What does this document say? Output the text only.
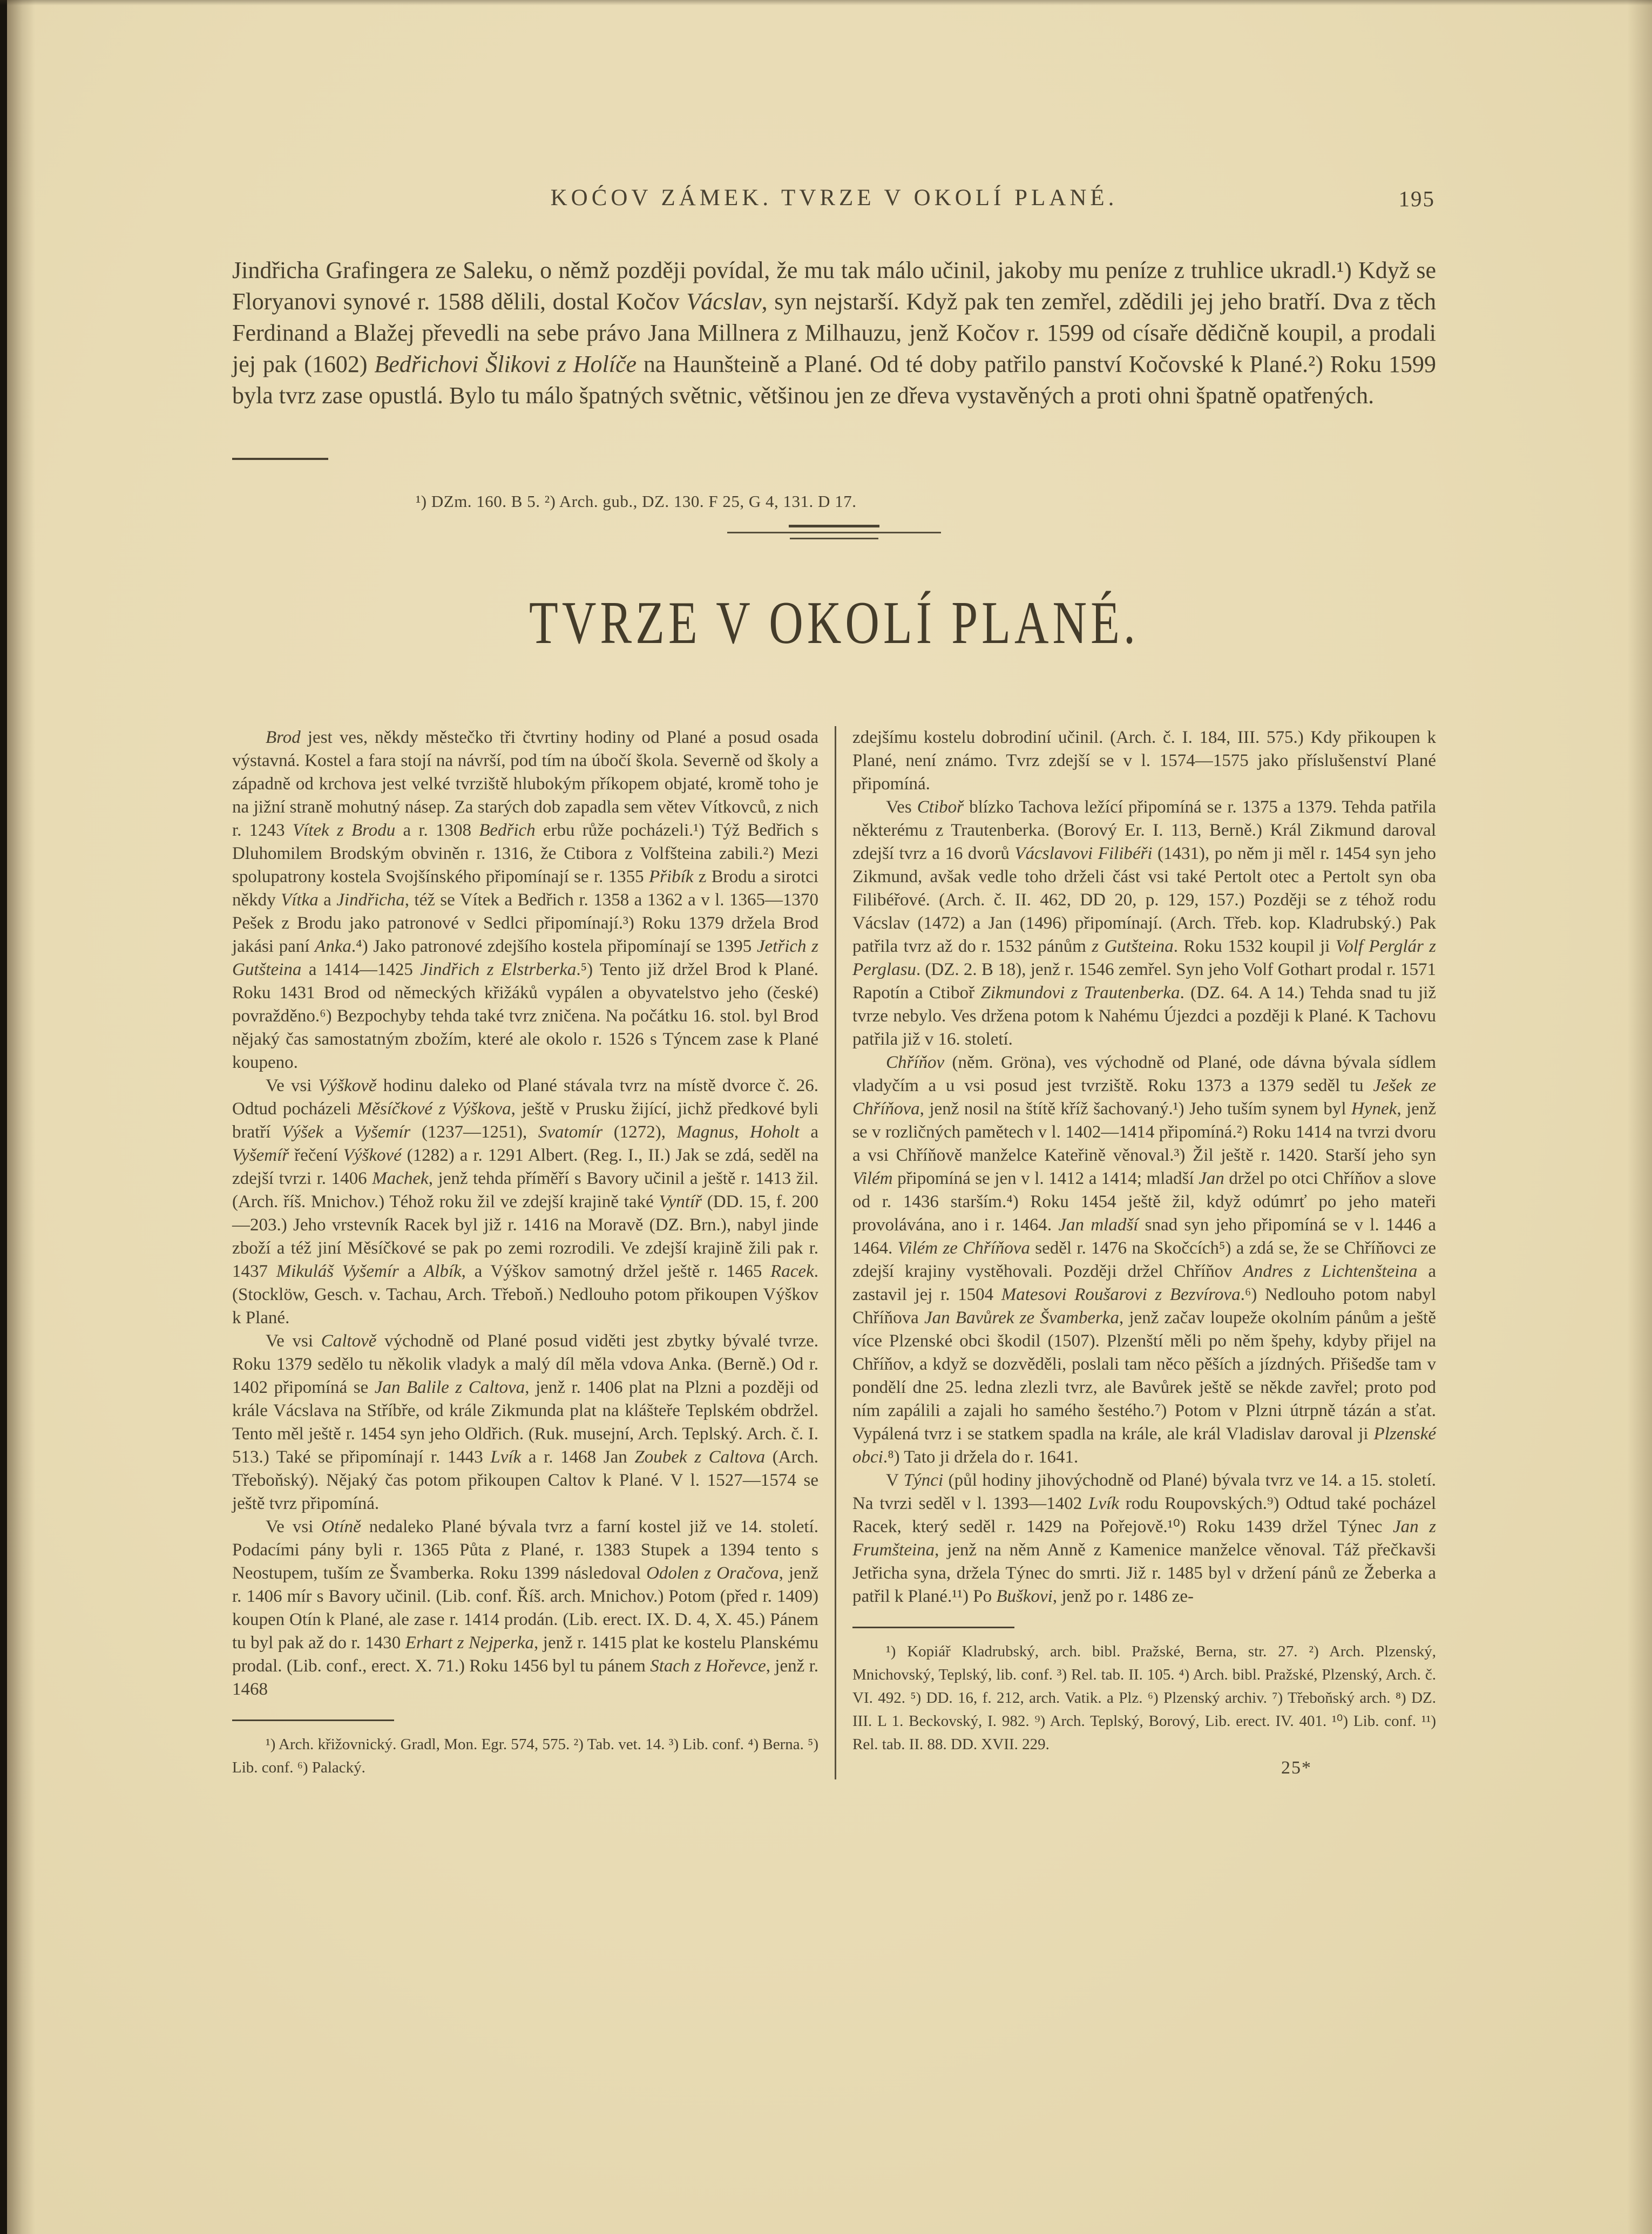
KOĆOV ZÁMEK. TVRZE V OKOLÍ PLANÉ.	195

Jindřicha Grafingera ze Saleku, o němž později povídal, že mu tak málo učinil, jakoby mu peníze z truhlice ukradl.¹) Když se Floryanovi synové r. 1588 dělili, dostal Kočov Vácslav, syn nejstarší. Když pak ten zemřel, zdědili jej jeho bratří. Dva z těch Ferdinand a Blažej převedli na sebe právo Jana Millnera z Milhauzu, jenž Kočov r. 1599 od císaře dědičně koupil, a prodali jej pak (1602) Bedřichovi Šlikovi z Holíče na Haunšteině a Plané. Od té doby patřilo panství Kočovské k Plané.²) Roku 1599 byla tvrz zase opustlá. Bylo tu málo špatných světnic, většinou jen ze dřeva vystavěných a proti ohni špatně opatřených.

¹) DZm. 160. B 5. ²) Arch. gub., DZ. 130. F 25, G 4, 131. D 17.

TVRZE V OKOLÍ PLANÉ.

Brod jest ves, někdy městečko tři čtvrtiny hodiny od Plané a posud osada výstavná. Kostel a fara stojí na návrší, pod tím na úbočí škola. Severně od školy a západně od krchova jest velké tvrziště hlubokým příkopem objaté, kromě toho je na jižní straně mohutný násep. Za starých dob zapadla sem větev Vítkovců, z nich r. 1243 Vítek z Brodu a r. 1308 Bedřich erbu růže pocházeli.¹) Týž Bedřich s Dluhomilem Brodským obviněn r. 1316, že Ctibora z Volfšteina zabili.²) Mezi spolupatrony kostela Svojšínského připomínají se r. 1355 Přibík z Brodu a sirotci někdy Vítka a Jindřicha, též se Vítek a Bedřich r. 1358 a 1362 a v l. 1365—1370 Pešek z Brodu jako patronové v Sedlci připomínají.³) Roku 1379 držela Brod jakási paní Anka.⁴) Jako patronové zdejšího kostela připomínají se 1395 Jetřich z Gutšteina a 1414—1425 Jindřich z Elstrberka.⁵) Tento již držel Brod k Plané. Roku 1431 Brod od německých křižáků vypálen a obyvatelstvo jeho (české) povražděno.⁶) Bezpochyby tehda také tvrz zničena. Na počátku 16. stol. byl Brod nějaký čas samostatným zbožím, které ale okolo r. 1526 s Týncem zase k Plané koupeno.

Ve vsi Výškově hodinu daleko od Plané stávala tvrz na místě dvorce č. 26. Odtud pocházeli Měsíčkové z Výškova, ještě v Prusku žijící, jichž předkové byli bratří Výšek a Vyšemír (1237—1251), Svatomír (1272), Magnus, Hoholt a Vyšemíř řečení Výškové (1282) a r. 1291 Albert. (Reg. I., II.) Jak se zdá, seděl na zdejší tvrzi r. 1406 Machek, jenž tehda příměří s Bavory učinil a ještě r. 1413 žil. (Arch. říš. Mnichov.) Téhož roku žil ve zdejší krajině také Vyntíř (DD. 15, f. 200—203.) Jeho vrstevník Racek byl již r. 1416 na Moravě (DZ. Brn.), nabyl jinde zboží a též jiní Měsíčkové se pak po zemi rozrodili. Ve zdejší krajině žili pak r. 1437 Mikuláš Vyšemír a Albík, a Výškov samotný držel ještě r. 1465 Racek. (Stocklöw, Gesch. v. Tachau, Arch. Třeboň.) Nedlouho potom přikoupen Výškov k Plané.

Ve vsi Caltově východně od Plané posud viděti jest zbytky bývalé tvrze. Roku 1379 sedělo tu několik vladyk a malý díl měla vdova Anka. (Berně.) Od r. 1402 připomíná se Jan Balile z Caltova, jenž r. 1406 plat na Plzni a později od krále Vácslava na Stříbře, od krále Zikmunda plat na klášteře Teplském obdržel. Tento měl ještě r. 1454 syn jeho Oldřich. (Ruk. musejní, Arch. Teplský. Arch. č. I. 513.) Také se připomínají r. 1443 Lvík a r. 1468 Jan Zoubek z Caltova (Arch. Třeboňský). Nějaký čas potom přikoupen Caltov k Plané. V l. 1527—1574 se ještě tvrz připomíná.

Ve vsi Otíně nedaleko Plané bývala tvrz a farní kostel již ve 14. století. Podacími pány byli r. 1365 Půta z Plané, r. 1383 Stupek a 1394 tento s Neostupem, tuším ze Švamberka. Roku 1399 následoval Odolen z Oračova, jenž r. 1406 mír s Bavory učinil. (Lib. conf. Říš. arch. Mnichov.) Potom (před r. 1409) koupen Otín k Plané, ale zase r. 1414 prodán. (Lib. erect. IX. D. 4, X. 45.) Pánem tu byl pak až do r. 1430 Erhart z Nejperka, jenž r. 1415 plat ke kostelu Planskému prodal. (Lib. conf., erect. X. 71.) Roku 1456 byl tu pánem Stach z Hořevce, jenž r. 1468

¹) Arch. křižovnický. Gradl, Mon. Egr. 574, 575. ²) Tab. vet. 14. ³) Lib. conf. ⁴) Berna. ⁵) Lib. conf. ⁶) Palacký.

zdejšímu kostelu dobrodiní učinil. (Arch. č. I. 184, III. 575.) Kdy přikoupen k Plané, není známo. Tvrz zdejší se v l. 1574—1575 jako příslušenství Plané připomíná.

Ves Ctiboř blízko Tachova ležící připomíná se r. 1375 a 1379. Tehda patřila některému z Trautenberka. (Borový Er. I. 113, Berně.) Král Zikmund daroval zdejší tvrz a 16 dvorů Vácslavovi Filibéři (1431), po něm ji měl r. 1454 syn jeho Zikmund, avšak vedle toho drželi část vsi také Pertolt otec a Pertolt syn oba Filibéřové. (Arch. č. II. 462, DD 20, p. 129, 157.) Později se z téhož rodu Vácslav (1472) a Jan (1496) připomínají. (Arch. Třeb. kop. Kladrubský.) Pak patřila tvrz až do r. 1532 pánům z Gutšteina. Roku 1532 koupil ji Volf Perglár z Perglasu. (DZ. 2. B 18), jenž r. 1546 zemřel. Syn jeho Volf Gothart prodal r. 1571 Rapotín a Ctiboř Zikmundovi z Trautenberka. (DZ. 64. A 14.) Tehda snad tu již tvrze nebylo. Ves držena potom k Nahému Újezdci a později k Plané. K Tachovu patřila již v 16. století.

Chříňov (něm. Gröna), ves východně od Plané, ode dávna bývala sídlem vladyčím a u vsi posud jest tvrziště. Roku 1373 a 1379 seděl tu Ješek ze Chříňova, jenž nosil na štítě kříž šachovaný.¹) Jeho tuším synem byl Hynek, jenž se v rozličných pamětech v l. 1402—1414 připomíná.²) Roku 1414 na tvrzi dvoru a vsi Chříňově manželce Kateřině věnoval.³) Žil ještě r. 1420. Starší jeho syn Vilém připomíná se jen v l. 1412 a 1414; mladší Jan držel po otci Chříňov a slove od r. 1436 starším.⁴) Roku 1454 ještě žil, když odúmrť po jeho mateři provolávána, ano i r. 1464. Jan mladší snad syn jeho připomíná se v l. 1446 a 1464. Vilém ze Chříňova seděl r. 1476 na Skočcích⁵) a zdá se, že se Chříňovci ze zdejší krajiny vystěhovali. Později držel Chříňov Andres z Lichtenšteina a zastavil jej r. 1504 Matesovi Roušarovi z Bezvírova.⁶) Nedlouho potom nabyl Chříňova Jan Bavůrek ze Švamberka, jenž začav loupeže okolním pánům a ještě více Plzenské obci škodil (1507). Plzenští měli po něm špehy, kdyby přijel na Chříňov, a když se dozvěděli, poslali tam něco pěších a jízdných. Přišedše tam v pondělí dne 25. ledna zlezli tvrz, ale Bavůrek ještě se někde zavřel; proto pod ním zapálili a zajali ho samého šestého.⁷) Potom v Plzni útrpně tázán a sťat. Vypálená tvrz i se statkem spadla na krále, ale král Vladislav daroval ji Plzenské obci.⁸) Tato ji držela do r. 1641.

V Týnci (půl hodiny jihovýchodně od Plané) bývala tvrz ve 14. a 15. století. Na tvrzi seděl v l. 1393—1402 Lvík rodu Roupovských.⁹) Odtud také pocházel Racek, který seděl r. 1429 na Pořejově.¹⁰) Roku 1439 držel Týnec Jan z Frumšteina, jenž na něm Anně z Kamenice manželce věnoval. Táž přečkavši Jetřicha syna, držela Týnec do smrti. Již r. 1485 byl v držení pánů ze Žeberka a patřil k Plané.¹¹) Po Buškovi, jenž po r. 1486 ze-

¹) Kopiář Kladrubský, arch. bibl. Pražské, Berna, str. 27. ²) Arch. Plzenský, Mnichovský, Teplský, lib. conf. ³) Rel. tab. II. 105. ⁴) Arch. bibl. Pražské, Plzenský, Arch. č. VI. 492. ⁵) DD. 16, f. 212, arch. Vatik. a Plz. ⁶) Plzenský archiv. ⁷) Třeboňský arch. ⁸) DZ. III. L 1. Beckovský, I. 982. ⁹) Arch. Teplský, Borový, Lib. erect. IV. 401. ¹⁰) Lib. conf. ¹¹) Rel. tab. II. 88. DD. XVII. 229.

25*
